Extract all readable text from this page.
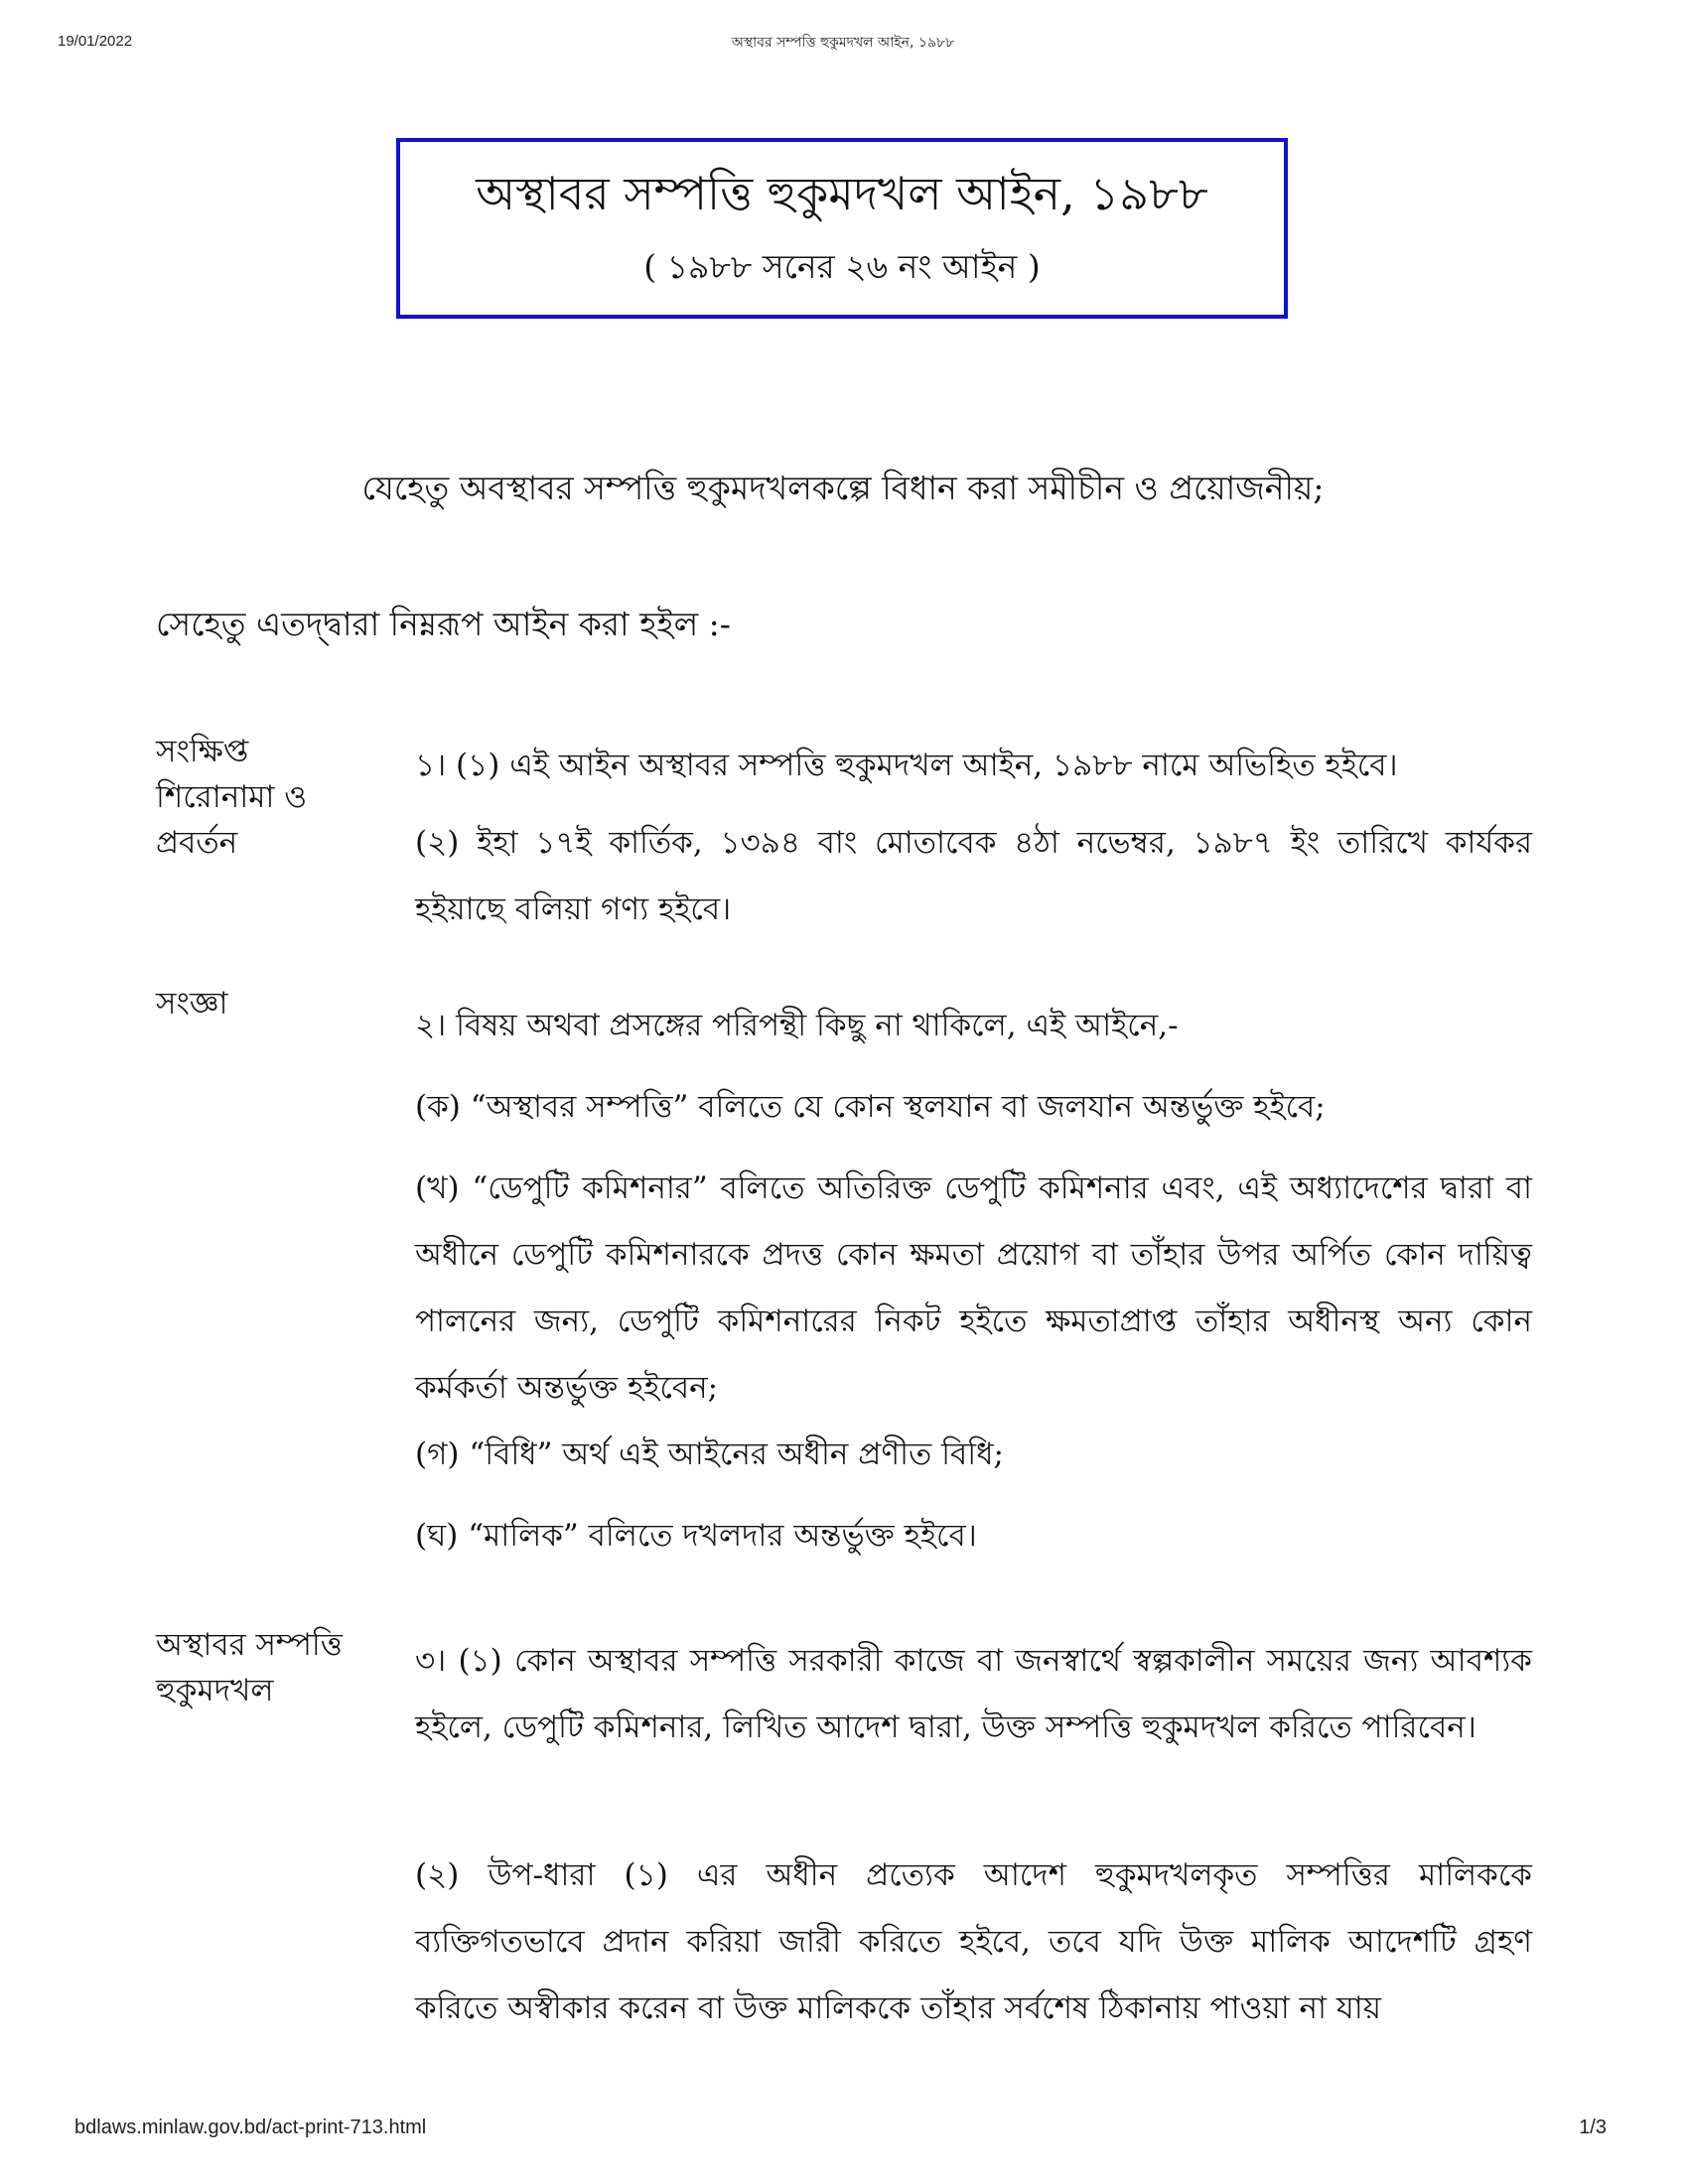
19/01/2022	অস্থাবর সম্পত্তি হুকুমদখল আইন, ১৯৮৮
অস্থাবর সম্পত্তি হুকুমদখল আইন, ১৯৮৮
( ১৯৮৮ সনের ২৬ নং আইন )
যেহেতু অবস্থাবর সম্পত্তি হুকুমদখলকল্পে বিধান করা সমীচীন ও প্রয়োজনীয়;
সেহেতু এতদ্দ্বারা নিম্নরূপ আইন করা হইল :-
সংক্ষিপ্ত শিরোনামা ও প্রবর্তন
১। (১) এই আইন অস্থাবর সম্পত্তি হুকুমদখল আইন, ১৯৮৮ নামে অভিহিত হইবে।
(২) ইহা ১৭ই কার্তিক, ১৩৯৪ বাং মোতাবেক ৪ঠা নভেম্বর, ১৯৮৭ ইং তারিখে কার্যকর হইয়াছে বলিয়া গণ্য হইবে।
সংজ্ঞা
২। বিষয় অথবা প্রসঙ্গের পরিপন্থী কিছু না থাকিলে, এই আইনে,-
(ক) “অস্থাবর সম্পত্তি” বলিতে যে কোন স্থলযান বা জলযান অন্তর্ভুক্ত হইবে;
(খ) “ডেপুটি কমিশনার” বলিতে অতিরিক্ত ডেপুটি কমিশনার এবং, এই অধ্যাদেশের দ্বারা বা অধীনে ডেপুটি কমিশনারকে প্রদত্ত কোন ক্ষমতা প্রয়োগ বা তাঁহার উপর অর্পিত কোন দায়িত্ব পালনের জন্য, ডেপুটি কমিশনারের নিকট হইতে ক্ষমতাপ্রাপ্ত তাঁহার অধীনস্থ অন্য কোন কর্মকর্তা অন্তর্ভুক্ত হইবেন;
(গ) “বিধি” অর্থ এই আইনের অধীন প্রণীত বিধি;
(ঘ) “মালিক” বলিতে দখলদার অন্তর্ভুক্ত হইবে।
অস্থাবর সম্পত্তি হুকুমদখল
৩। (১) কোন অস্থাবর সম্পত্তি সরকারী কাজে বা জনস্বার্থে স্বল্পকালীন সময়ের জন্য আবশ্যক হইলে, ডেপুটি কমিশনার, লিখিত আদেশ দ্বারা, উক্ত সম্পত্তি হুকুমদখল করিতে পারিবেন।
(২) উপ-ধারা (১) এর অধীন প্রত্যেক আদেশ হুকুমদখলকৃত সম্পত্তির মালিককে ব্যক্তিগতভাবে প্রদান করিয়া জারী করিতে হইবে, তবে যদি উক্ত মালিক আদেশটি গ্রহণ করিতে অস্বীকার করেন বা উক্ত মালিককে তাঁহার সর্বশেষ ঠিকানায় পাওয়া না যায়
bdlaws.minlaw.gov.bd/act-print-713.html	1/3
